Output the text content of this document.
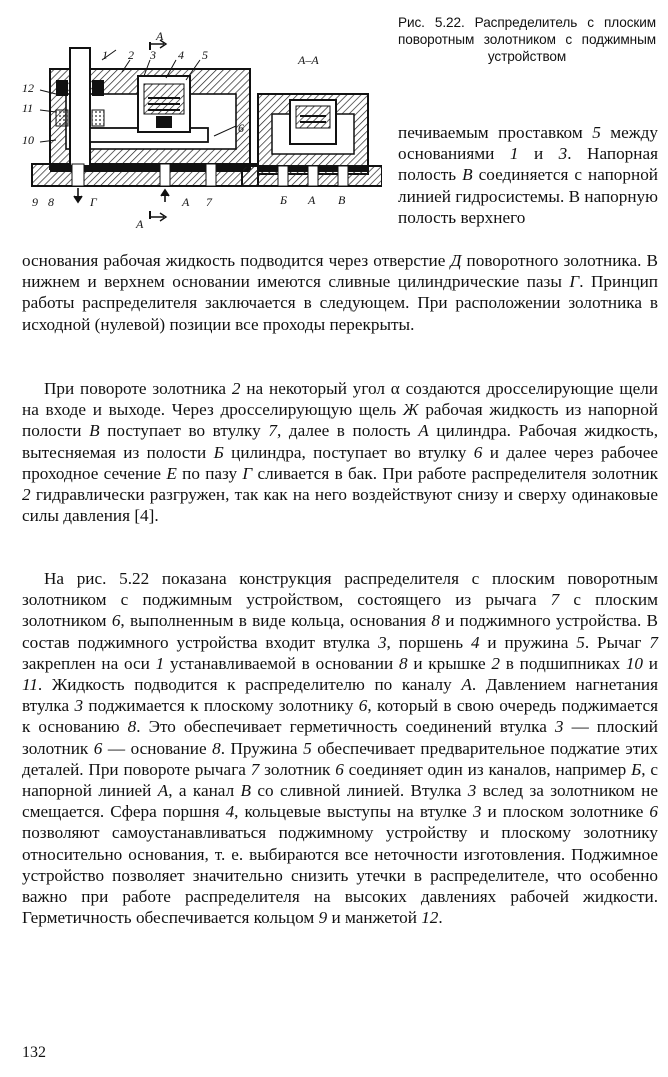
1 2 3 4 5
6
7
8
9
10
11
12
Г	А
А
А
А–А
Б А В
Рис. 5.22. Распределитель с плоским поворотным золотником с поджимным устройством

печиваемым проставком 5 между основаниями 1 и 3. Напорная полость В соединяется с напорной линией гидросистемы. В напорную полость верхнего

основания рабочая жидкость подводится через отверстие Д поворотного золотника. В нижнем и верхнем основании имеются сливные цилиндрические пазы Г. Принцип работы распределителя заключается в следующем. При расположении золотника в исходной (нулевой) позиции все проходы перекрыты.

При повороте золотника 2 на некоторый угол α создаются дросселирующие щели на входе и выходе. Через дросселирующую щель Ж рабочая жидкость из напорной полости В поступает во втулку 7, далее в полость А цилиндра. Рабочая жидкость, вытесняемая из полости Б цилиндра, поступает во втулку 6 и далее через рабочее проходное сечение Е по пазу Г сливается в бак. При работе распределителя золотник 2 гидравлически разгружен, так как на него воздействуют снизу и сверху одинаковые силы давления [4].

На рис. 5.22 показана конструкция распределителя с плоским поворотным золотником с поджимным устройством, состоящего из рычага 7 с плоским золотником 6, выполненным в виде кольца, основания 8 и поджимного устройства. В состав поджимного устройства входит втулка 3, поршень 4 и пружина 5. Рычаг 7 закреплен на оси 1 устанавливаемой в основании 8 и крышке 2 в подшипниках 10 и 11. Жидкость подводится к распределителю по каналу А. Давлением нагнетания втулка 3 поджимается к плоскому золотнику 6, который в свою очередь поджимается к основанию 8. Это обеспечивает герметичность соединений втулка 3 — плоский золотник 6 — основание 8. Пружина 5 обеспечивает предварительное поджатие этих деталей. При повороте рычага 7 золотник 6 соединяет один из каналов, например Б, с напорной линией А, а канал В со сливной линией. Втулка 3 вслед за золотником не смещается. Сфера поршня 4, кольцевые выступы на втулке 3 и плоском золотнике 6 позволяют самоустанавливаться поджимному устройству и плоскому золотнику относительно основания, т. е. выбираются все неточности изготовления. Поджимное устройство позволяет значительно снизить утечки в распределителе, что особенно важно при работе распределителя на высоких давлениях рабочей жидкости. Герметичность обеспечивается кольцом 9 и манжетой 12.

132
